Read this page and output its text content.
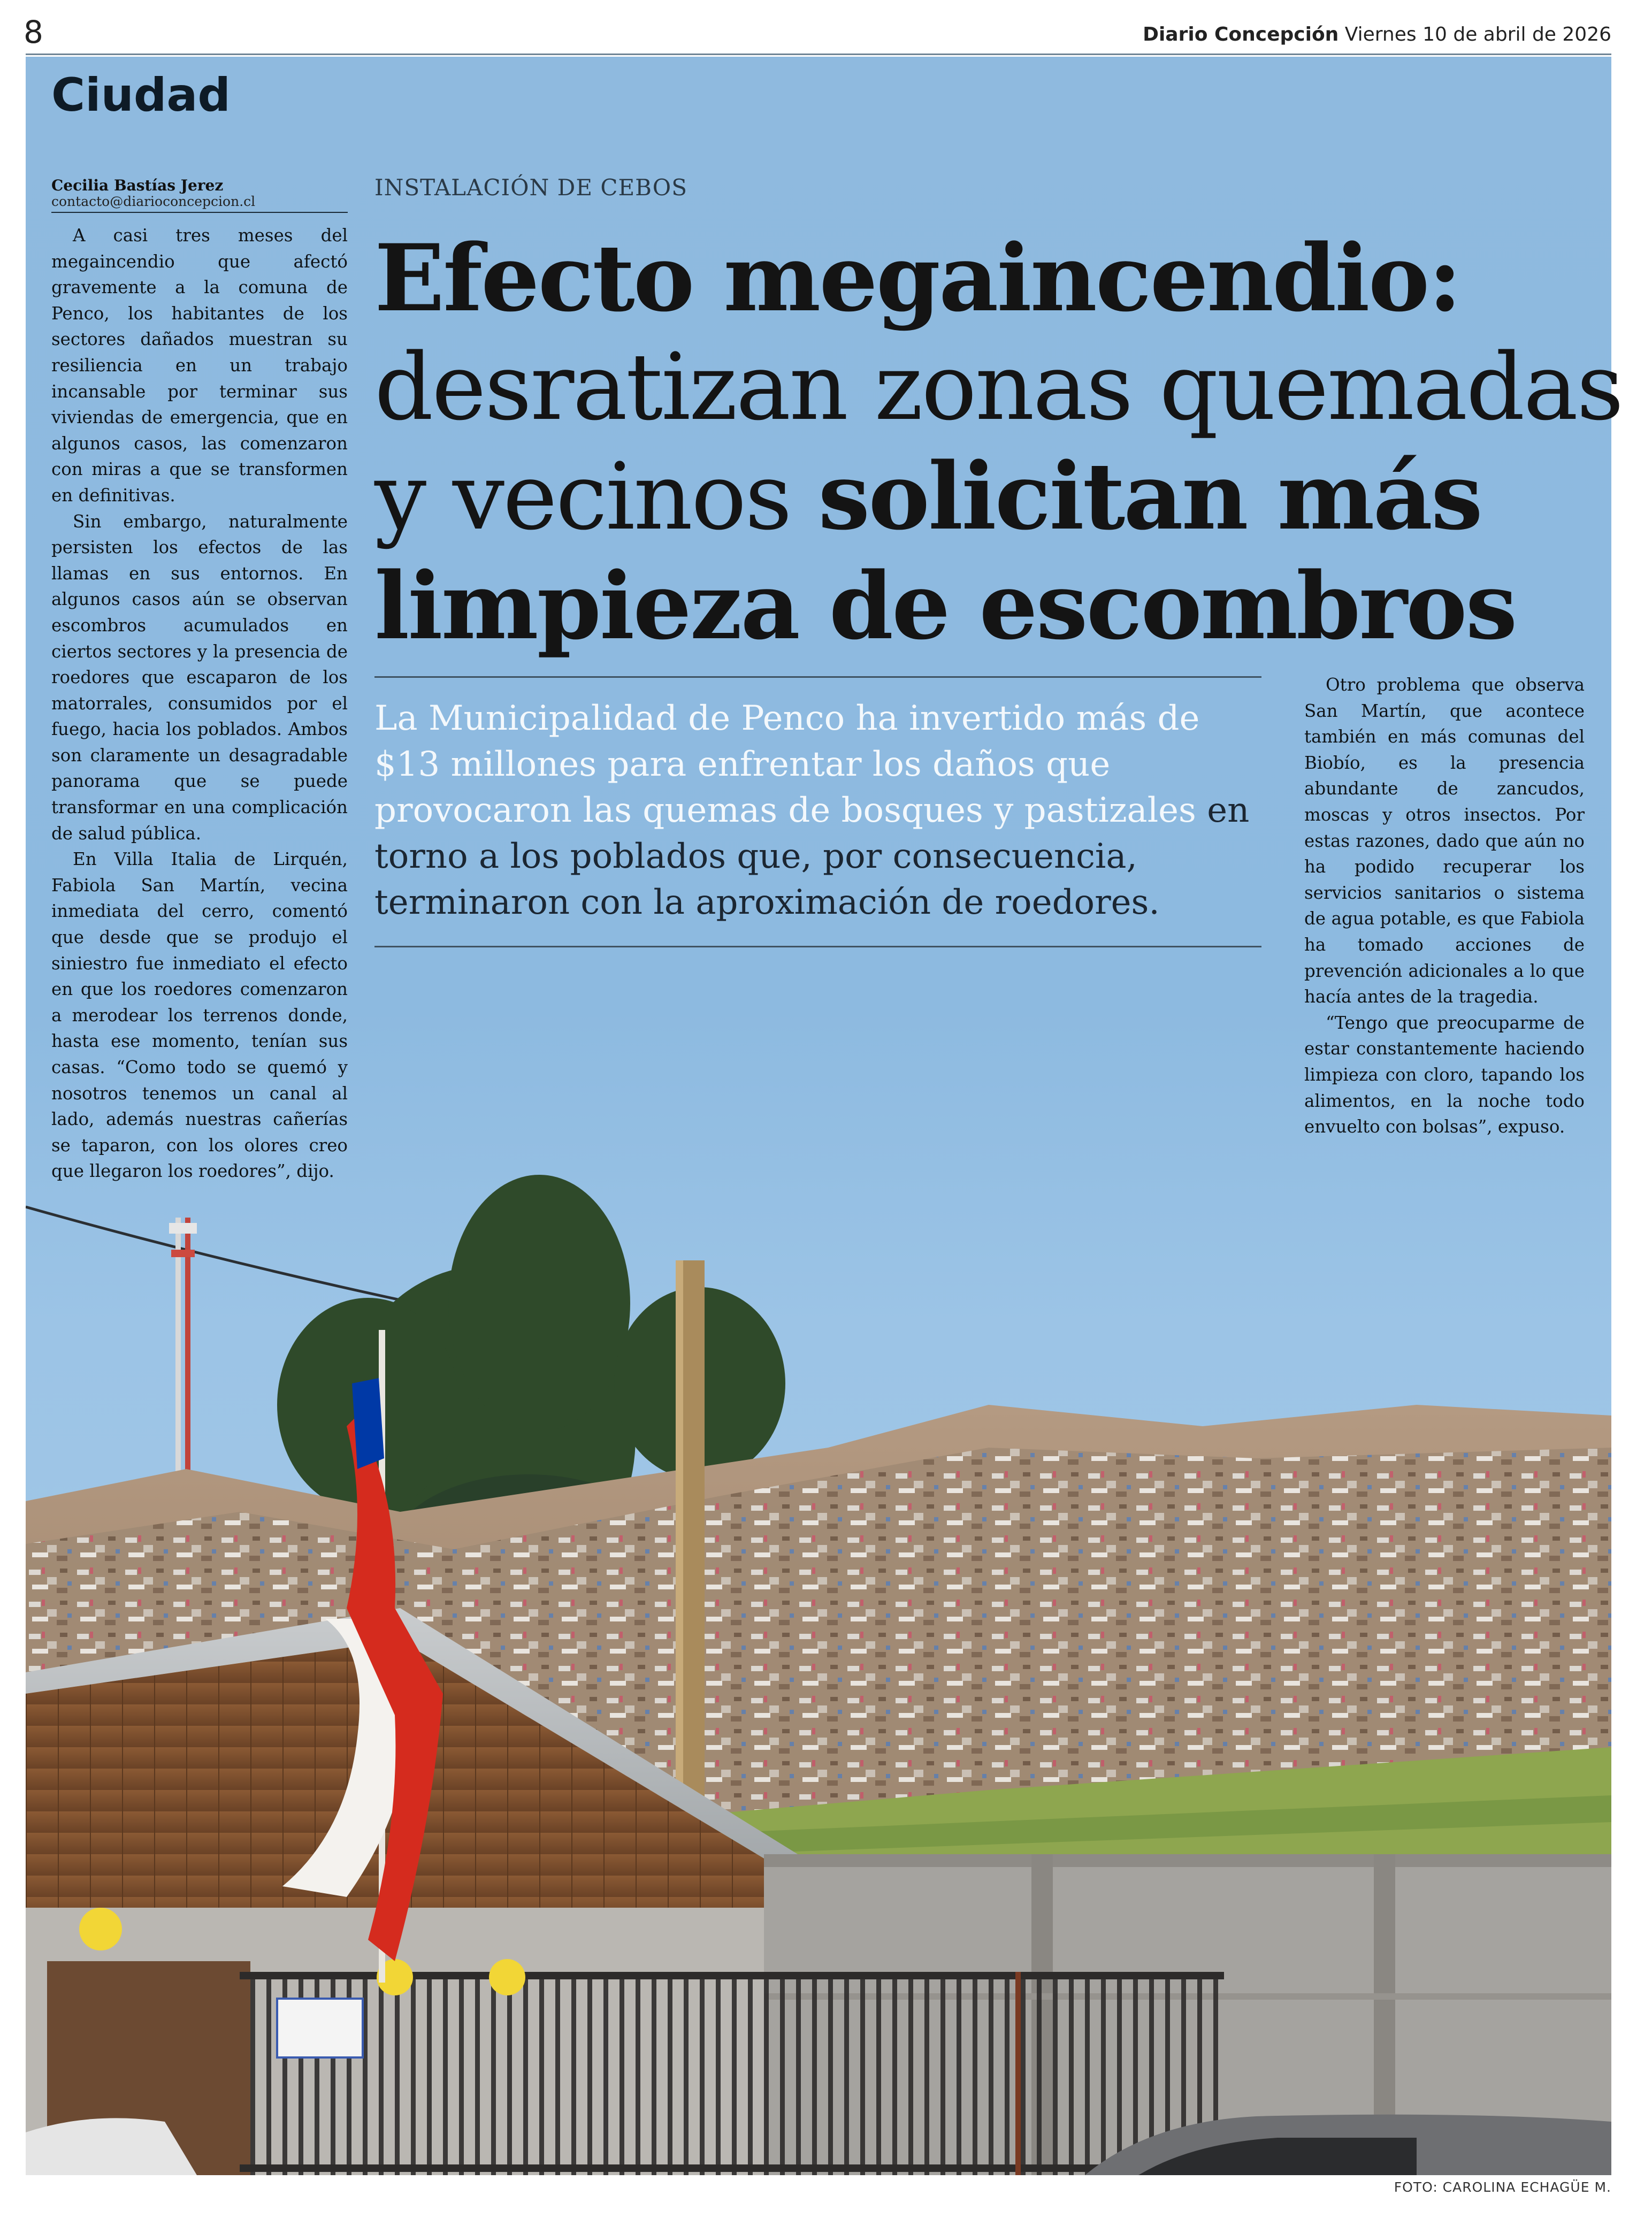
8	Diario Concepción Viernes 10 de abril de 2026
Ciudad
Cecilia Bastías Jerez
contacto@diarioconcepcion.cl

A casi tres meses del megaincendio que afectó gravemente a la comuna de Penco, los habitantes de los sectores dañados muestran su resiliencia en un trabajo incansable por terminar sus viviendas de emergencia, que en algunos casos, las comenzaron con miras a que se transformen en definitivas.

Sin embargo, naturalmente persisten los efectos de las llamas en sus entornos. En algunos casos aún se observan escombros acumulados en ciertos sectores y la presencia de roedores que escaparon de los matorrales, consumidos por el fuego, hacia los poblados. Ambos son claramente un desagradable panorama que se puede transformar en una complicación de salud pública.

En Villa Italia de Lirquén, Fabiola San Martín, vecina inmediata del cerro, comentó que desde que se produjo el siniestro fue inmediato el efecto en que los roedores comenzaron a merodear los terrenos donde, hasta ese momento, tenían sus casas. “Como todo se quemó y nosotros tenemos un canal al lado, además nuestras cañerías se taparon, con los olores creo que llegaron los roedores”, dijo.

INSTALACIÓN DE CEBOS
Efecto megaincendio:
desratizan zonas quemadas
y vecinos solicitan más
limpieza de escombros
La Municipalidad de Penco ha invertido más de $13 millones para enfrentar los daños que provocaron las quemas de bosques y pastizales en torno a los poblados que, por consecuencia, terminaron con la aproximación de roedores.

Otro problema que observa San Martín, que acontece también en más comunas del Biobío, es la presencia abundante de zancudos, moscas y otros insectos. Por estas razones, dado que aún no ha podido recuperar los servicios sanitarios o sistema de agua potable, es que Fabiola ha tomado acciones de prevención adicionales a lo que hacía antes de la tragedia.

“Tengo que preocuparme de estar constantemente haciendo limpieza con cloro, tapando los alimentos, en la noche todo envuelto con bolsas”, expuso.

FOTO: CAROLINA ECHAGÜE M.
